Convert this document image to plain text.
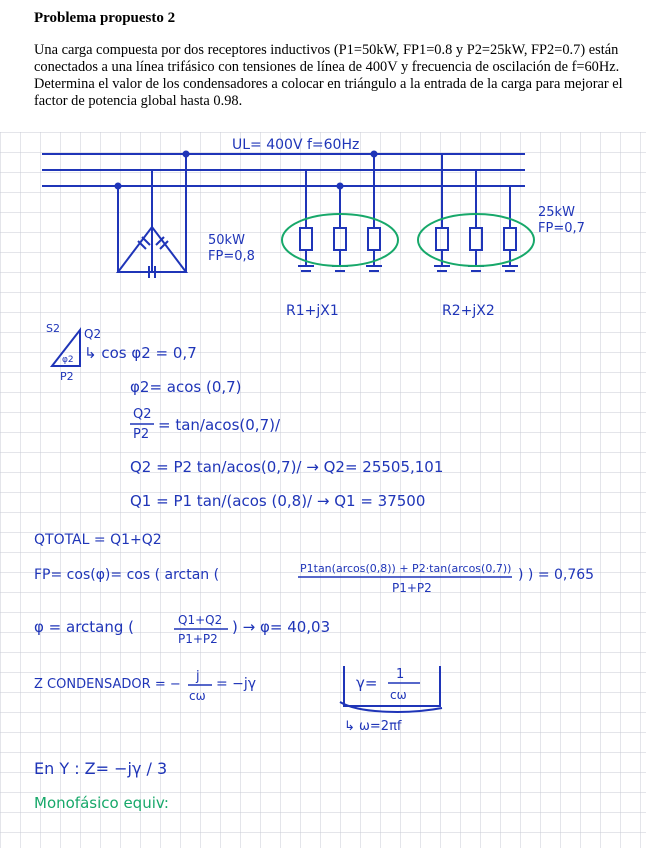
Problema propuesto 2
Una carga compuesta por dos receptores inductivos (P1=50kW, FP1=0.8 y P2=25kW, FP2=0.7) están conectados a una línea trifásico con tensiones de línea de 400V y frecuencia de oscilación de f=60Hz. Determina el valor de los condensadores a colocar en triángulo a la entrada de la carga para mejorar el factor de potencia global hasta 0.98.
UL= 400V f=60Hz
50kW
FP=0,8
25kW
FP=0,7
R1+jX1	R2+jX2
S2 Q2
P2
φ2 ↳ cos φ2 = 0,7
φ2= acos (0,7)
Q2
P2
= tan/acos(0,7)/
Q2 = P2 tan/acos(0,7)/ → Q2= 25505,101
Q1 = P1 tan/(acos (0,8)/ → Q1 = 37500
QTOTAL = Q1+Q2
FP= cos(φ)= cos ( arctan (	P1tan(arcos(0,8)) + P2·tan(arcos(0,7))
P1+P2
) ) = 0,765
φ = arctang (	Q1+Q2
P1+P2
) → φ= 40,03
Z CONDENSADOR = −
j
cω
= −jγ	γ= 1
cω
↳ ω=2πf
En Y : Z= −jγ / 3
Monofásico equiv:
